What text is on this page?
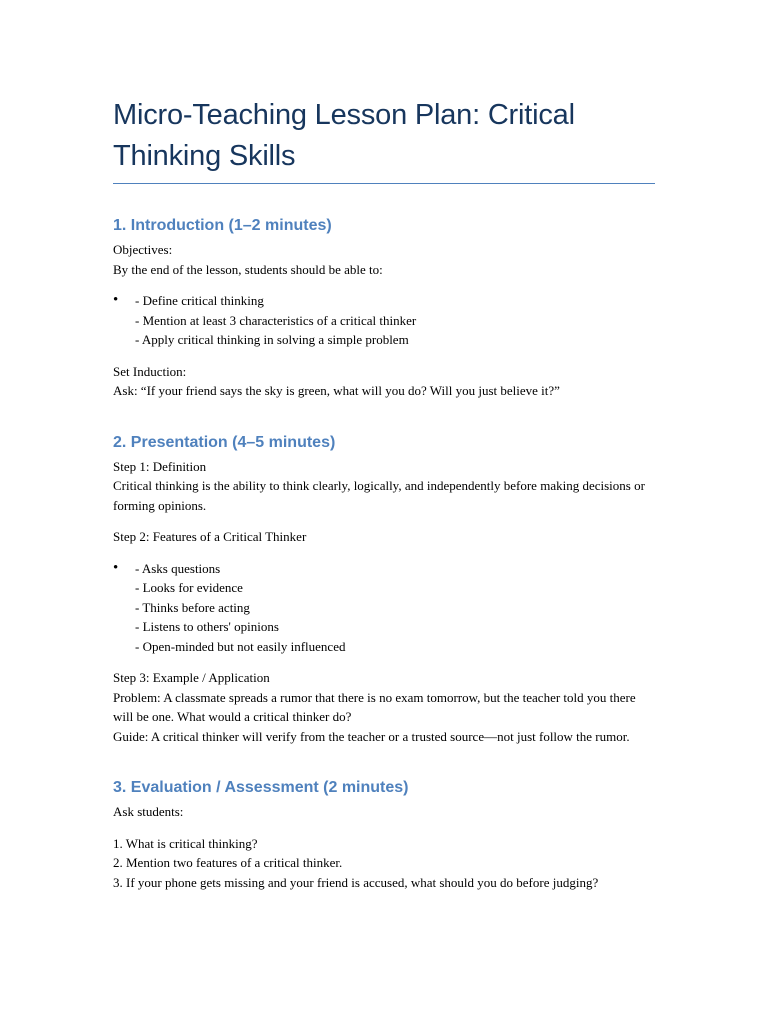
Micro-Teaching Lesson Plan: Critical Thinking Skills
1. Introduction (1–2 minutes)

Objectives:

By the end of the lesson, students should be able to:

• - Define critical thinking

- Mention at least 3 characteristics of a critical thinker

- Apply critical thinking in solving a simple problem

Set Induction:

Ask: “If your friend says the sky is green, what will you do? Will you just believe it?”

2. Presentation (4–5 minutes)

Step 1: Definition

Critical thinking is the ability to think clearly, logically, and independently before making decisions or forming opinions.

Step 2: Features of a Critical Thinker

• - Asks questions

- Looks for evidence

- Thinks before acting

- Listens to others' opinions

- Open-minded but not easily influenced

Step 3: Example / Application

Problem: A classmate spreads a rumor that there is no exam tomorrow, but the teacher told you there will be one. What would a critical thinker do?

Guide: A critical thinker will verify from the teacher or a trusted source—not just follow the rumor.

3. Evaluation / Assessment (2 minutes)

Ask students:

1. What is critical thinking?

2. Mention two features of a critical thinker.

3. If your phone gets missing and your friend is accused, what should you do before judging?
